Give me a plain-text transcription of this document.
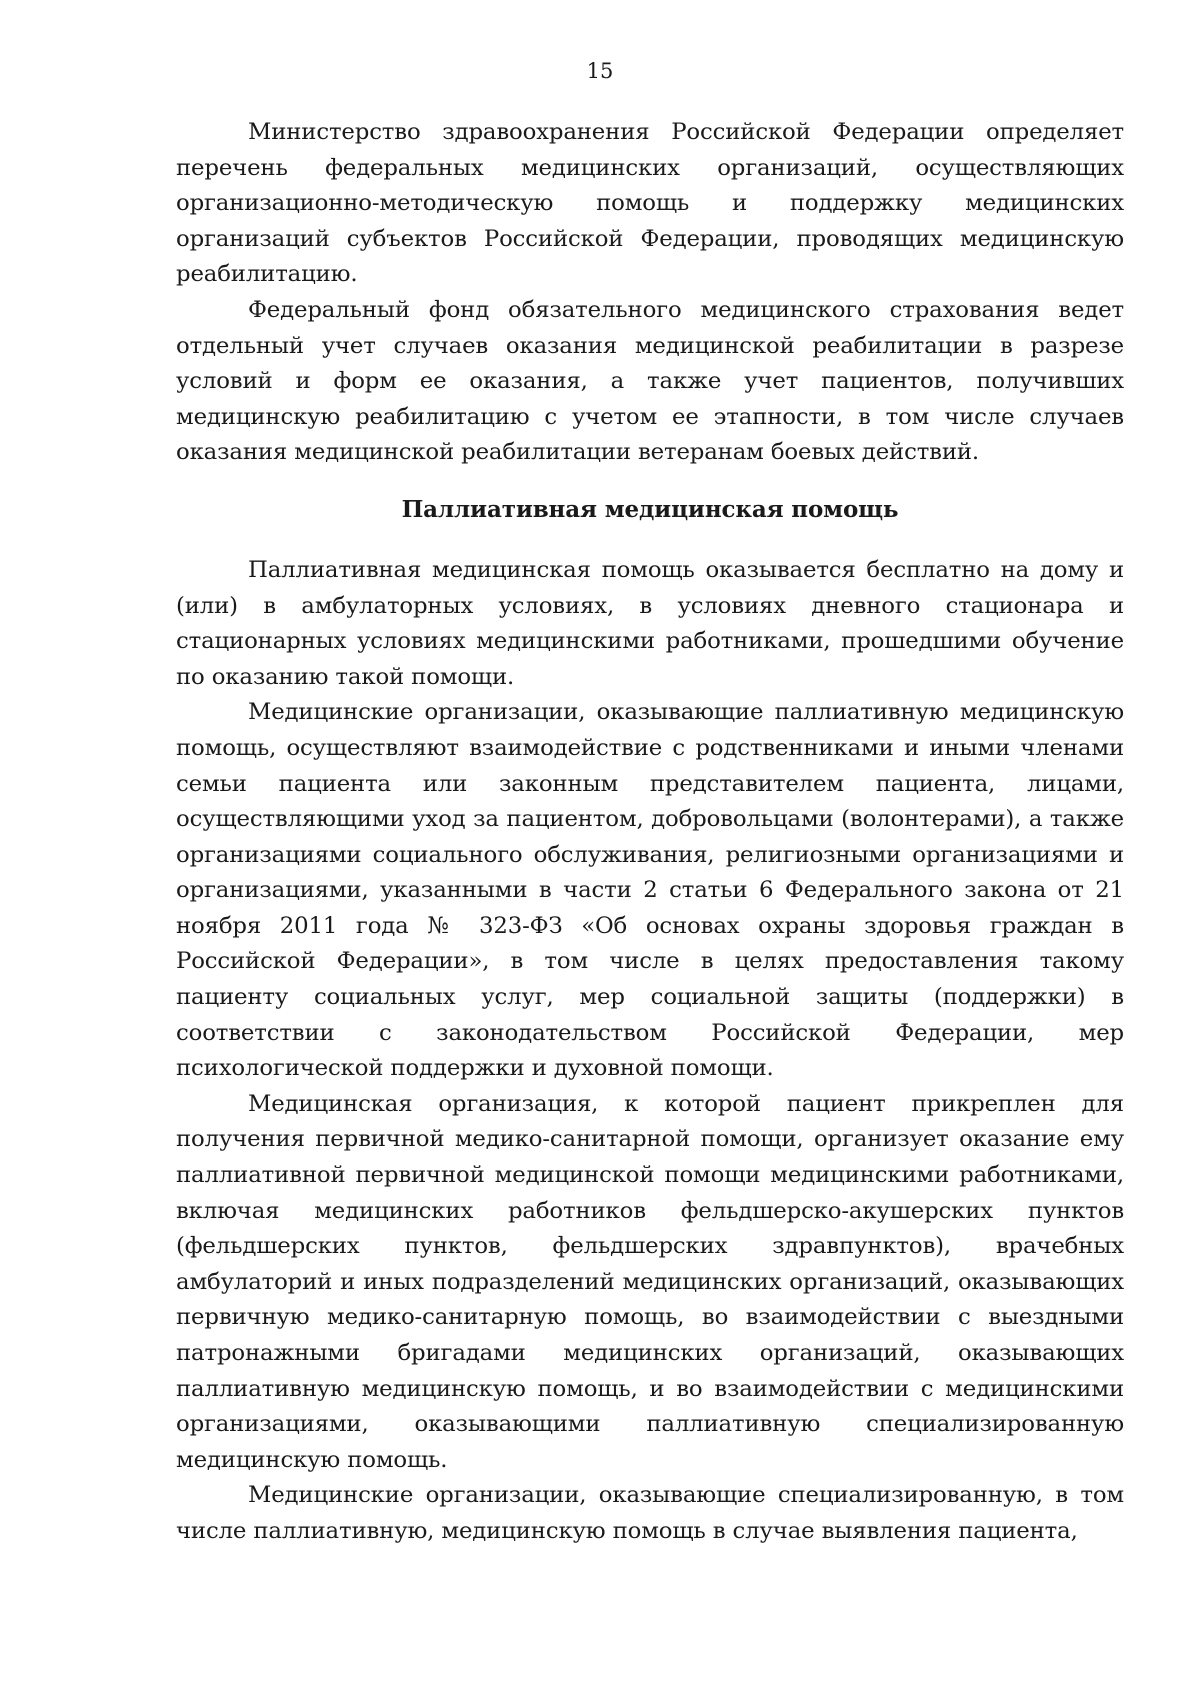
15

Министерство здравоохранения Российской Федерации определяет перечень федеральных медицинских организаций, осуществляющих организационно-методическую помощь и поддержку медицинских организаций субъектов Российской Федерации, проводящих медицинскую реабилитацию.

Федеральный фонд обязательного медицинского страхования ведет отдельный учет случаев оказания медицинской реабилитации в разрезе условий и форм ее оказания, а также учет пациентов, получивших медицинскую реабилитацию с учетом ее этапности, в том числе случаев оказания медицинской реабилитации ветеранам боевых действий.

Паллиативная медицинская помощь

Паллиативная медицинская помощь оказывается бесплатно на дому и (или) в амбулаторных условиях, в условиях дневного стационара и стационарных условиях медицинскими работниками, прошедшими обучение по оказанию такой помощи.

Медицинские организации, оказывающие паллиативную медицинскую помощь, осуществляют взаимодействие с родственниками и иными членами семьи пациента или законным представителем пациента, лицами, осуществляющими уход за пациентом, добровольцами (волонтерами), а также организациями социального обслуживания, религиозными организациями и организациями, указанными в части 2 статьи 6 Федерального закона от 21 ноября 2011 года № 323-ФЗ «Об основах охраны здоровья граждан в Российской Федерации», в том числе в целях предоставления такому пациенту социальных услуг, мер социальной защиты (поддержки) в соответствии с законодательством Российской Федерации, мер психологической поддержки и духовной помощи.

Медицинская организация, к которой пациент прикреплен для получения первичной медико-санитарной помощи, организует оказание ему паллиативной первичной медицинской помощи медицинскими работниками, включая медицинских работников фельдшерско-акушерских пунктов (фельдшерских пунктов, фельдшерских здравпунктов), врачебных амбулаторий и иных подразделений медицинских организаций, оказывающих первичную медико-санитарную помощь, во взаимодействии с выездными патронажными бригадами медицинских организаций, оказывающих паллиативную медицинскую помощь, и во взаимодействии с медицинскими организациями, оказывающими паллиативную специализированную медицинскую помощь.

Медицинские организации, оказывающие специализированную, в том числе паллиативную, медицинскую помощь в случае выявления пациента,
